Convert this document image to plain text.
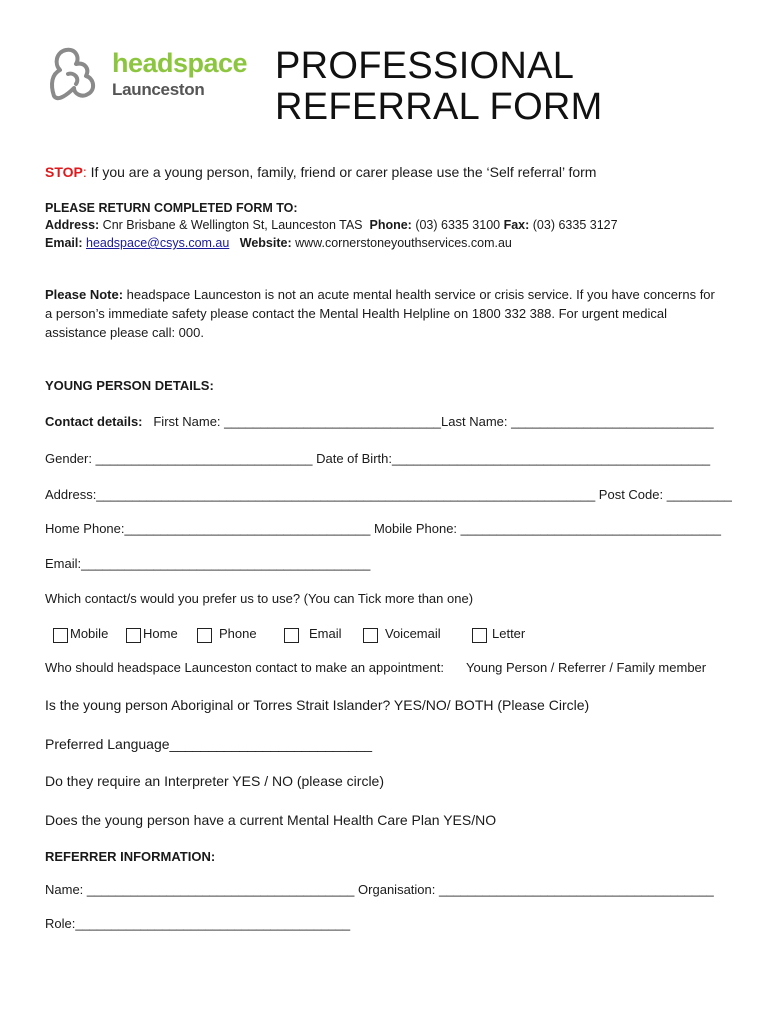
headspace
Launceston
PROFESSIONAL
REFERRAL FORM
STOP: If you are a young person, family, friend or carer please use the ‘Self referral’ form
PLEASE RETURN COMPLETED FORM TO:
Address: Cnr Brisbane & Wellington St, Launceston TAS Phone: (03) 6335 3100 Fax: (03) 6335 3127
Email: headspace@csys.com.au Website: www.cornerstoneyouthservices.com.au
Please Note: headspace Launceston is not an acute mental health service or crisis service. If you have concerns for a person’s immediate safety please contact the Mental Health Helpline on 1800 332 388. For urgent medical assistance please call: 000.
YOUNG PERSON DETAILS:
Contact details: First Name: ______________________________Last Name: ____________________________
Gender: ______________________________ Date of Birth:____________________________________________
Address:_____________________________________________________________________ Post Code: _________
Home Phone:__________________________________ Mobile Phone: ____________________________________
Email:________________________________________
Which contact/s would you prefer us to use? (You can Tick more than one)
Mobile	Home	Phone	Email	Voicemail	Letter
Who should headspace Launceston contact to make an appointment: Young Person / Referrer / Family member
Is the young person Aboriginal or Torres Strait Islander? YES/NO/ BOTH (Please Circle)
Preferred Language__________________________
Do they require an Interpreter YES / NO (please circle)
Does the young person have a current Mental Health Care Plan YES/NO
REFERRER INFORMATION:
Name: _____________________________________ Organisation: ______________________________________
Role:______________________________________
